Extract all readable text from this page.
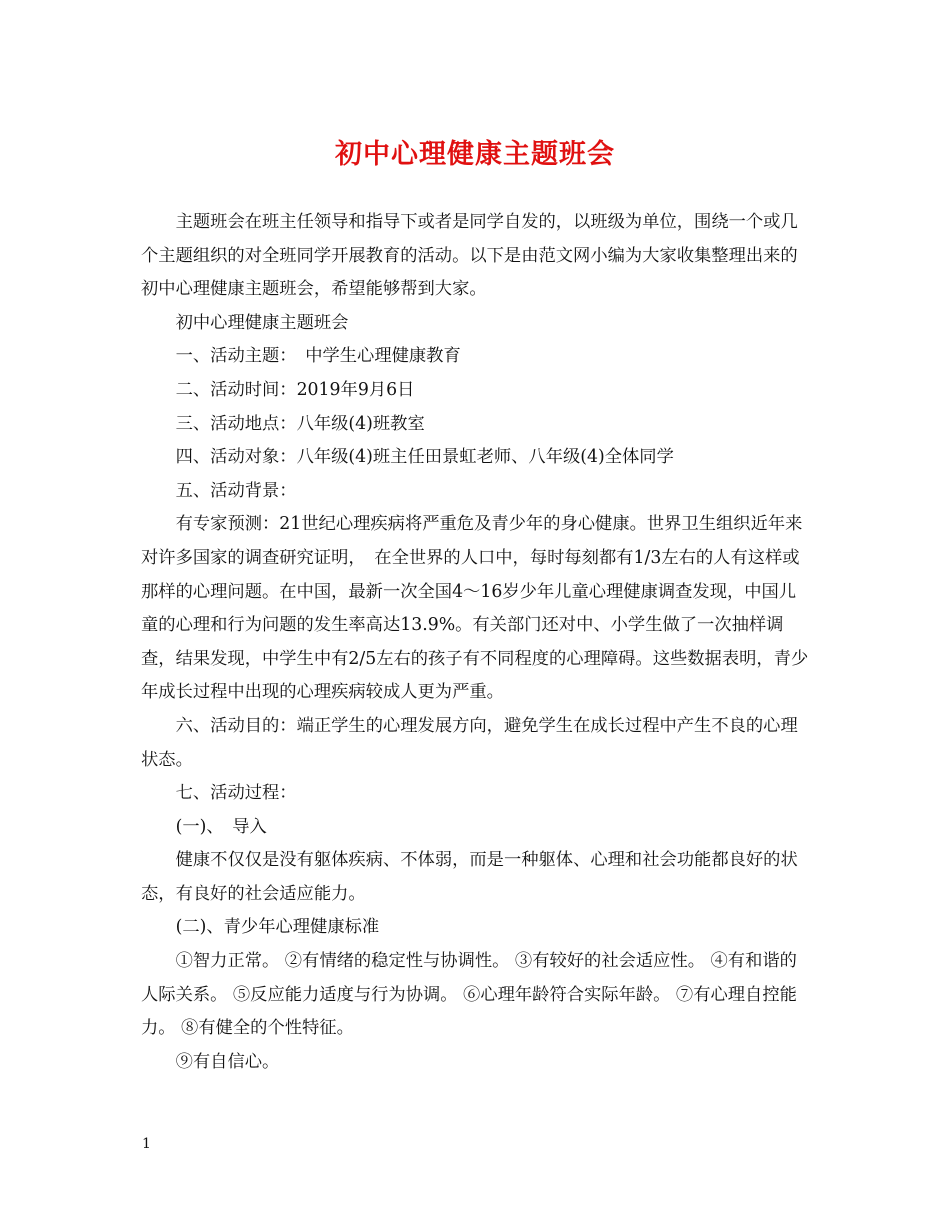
初中心理健康主题班会

主题班会在班主任领导和指导下或者是同学自发的，以班级为单位，围绕一个或几个主题组织的对全班同学开展教育的活动。以下是由范文网小编为大家收集整理出来的初中心理健康主题班会，希望能够帮到大家。

初中心理健康主题班会

一、活动主题：　中学生心理健康教育

二、活动时间：2019年9月6日

三、活动地点：八年级(4)班教室

四、活动对象：八年级(4)班主任田景虹老师、八年级(4)全体同学

五、活动背景：

有专家预测：21世纪心理疾病将严重危及青少年的身心健康。世界卫生组织近年来对许多国家的调查研究证明，　在全世界的人口中，每时每刻都有1/3左右的人有这样或那样的心理问题。在中国，最新一次全国4～16岁少年儿童心理健康调查发现，中国儿童的心理和行为问题的发生率高达13.9%。有关部门还对中、小学生做了一次抽样调查，结果发现，中学生中有2/5左右的孩子有不同程度的心理障碍。这些数据表明，青少年成长过程中出现的心理疾病较成人更为严重。

六、活动目的：端正学生的心理发展方向，避免学生在成长过程中产生不良的心理状态。

七、活动过程：

(一)、　导入

健康不仅仅是没有躯体疾病、不体弱，而是一种躯体、心理和社会功能都良好的状态，有良好的社会适应能力。

(二)、青少年心理健康标准

①智力正常。 ②有情绪的稳定性与协调性。 ③有较好的社会适应性。 ④有和谐的人际关系。 ⑤反应能力适度与行为协调。 ⑥心理年龄符合实际年龄。 ⑦有心理自控能力。 ⑧有健全的个性特征。

⑨有自信心。

1
